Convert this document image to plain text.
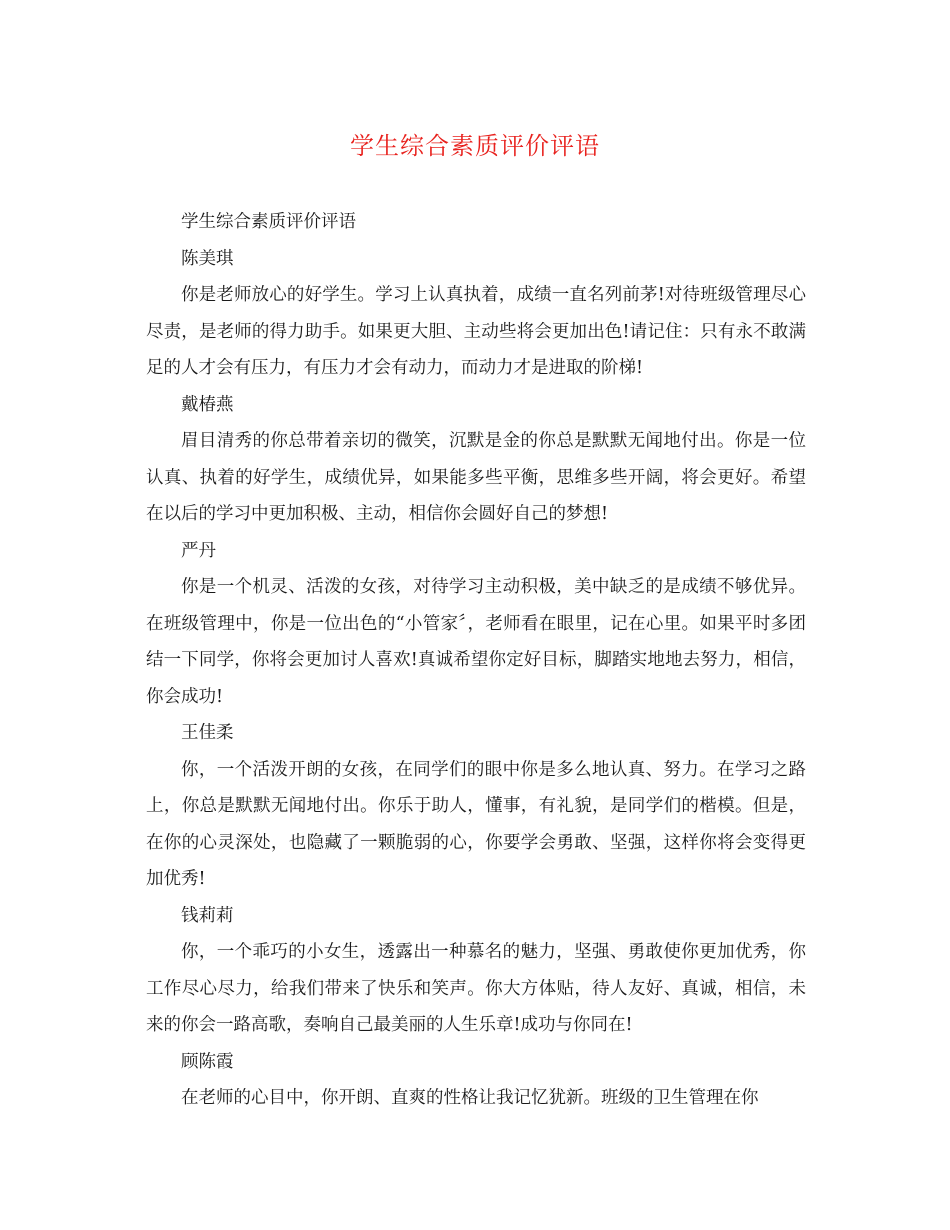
学生综合素质评价评语

学生综合素质评价评语

陈美琪

你是老师放心的好学生。学习上认真执着，成绩一直名列前茅!对待班级管理尽心尽责，是老师的得力助手。如果更大胆、主动些将会更加出色!请记住：只有永不敢满足的人才会有压力，有压力才会有动力，而动力才是进取的阶梯!

戴椿燕

眉目清秀的你总带着亲切的微笑，沉默是金的你总是默默无闻地付出。你是一位认真、执着的好学生，成绩优异，如果能多些平衡，思维多些开阔，将会更好。希望在以后的学习中更加积极、主动，相信你会圆好自己的梦想!

严丹

你是一个机灵、活泼的女孩，对待学习主动积极，美中缺乏的是成绩不够优异。在班级管理中，你是一位出色的“小管家〞，老师看在眼里，记在心里。如果平时多团结一下同学，你将会更加讨人喜欢!真诚希望你定好目标，脚踏实地地去努力，相信，你会成功!

王佳柔

你，一个活泼开朗的女孩，在同学们的眼中你是多么地认真、努力。在学习之路上，你总是默默无闻地付出。你乐于助人，懂事，有礼貌，是同学们的楷模。但是，在你的心灵深处，也隐藏了一颗脆弱的心，你要学会勇敢、坚强，这样你将会变得更加优秀!

钱莉莉

你，一个乖巧的小女生，透露出一种慕名的魅力，坚强、勇敢使你更加优秀，你工作尽心尽力，给我们带来了快乐和笑声。你大方体贴，待人友好、真诚，相信，未来的你会一路高歌，奏响自己最美丽的人生乐章!成功与你同在!

顾陈霞

在老师的心目中，你开朗、直爽的性格让我记忆犹新。班级的卫生管理在你
